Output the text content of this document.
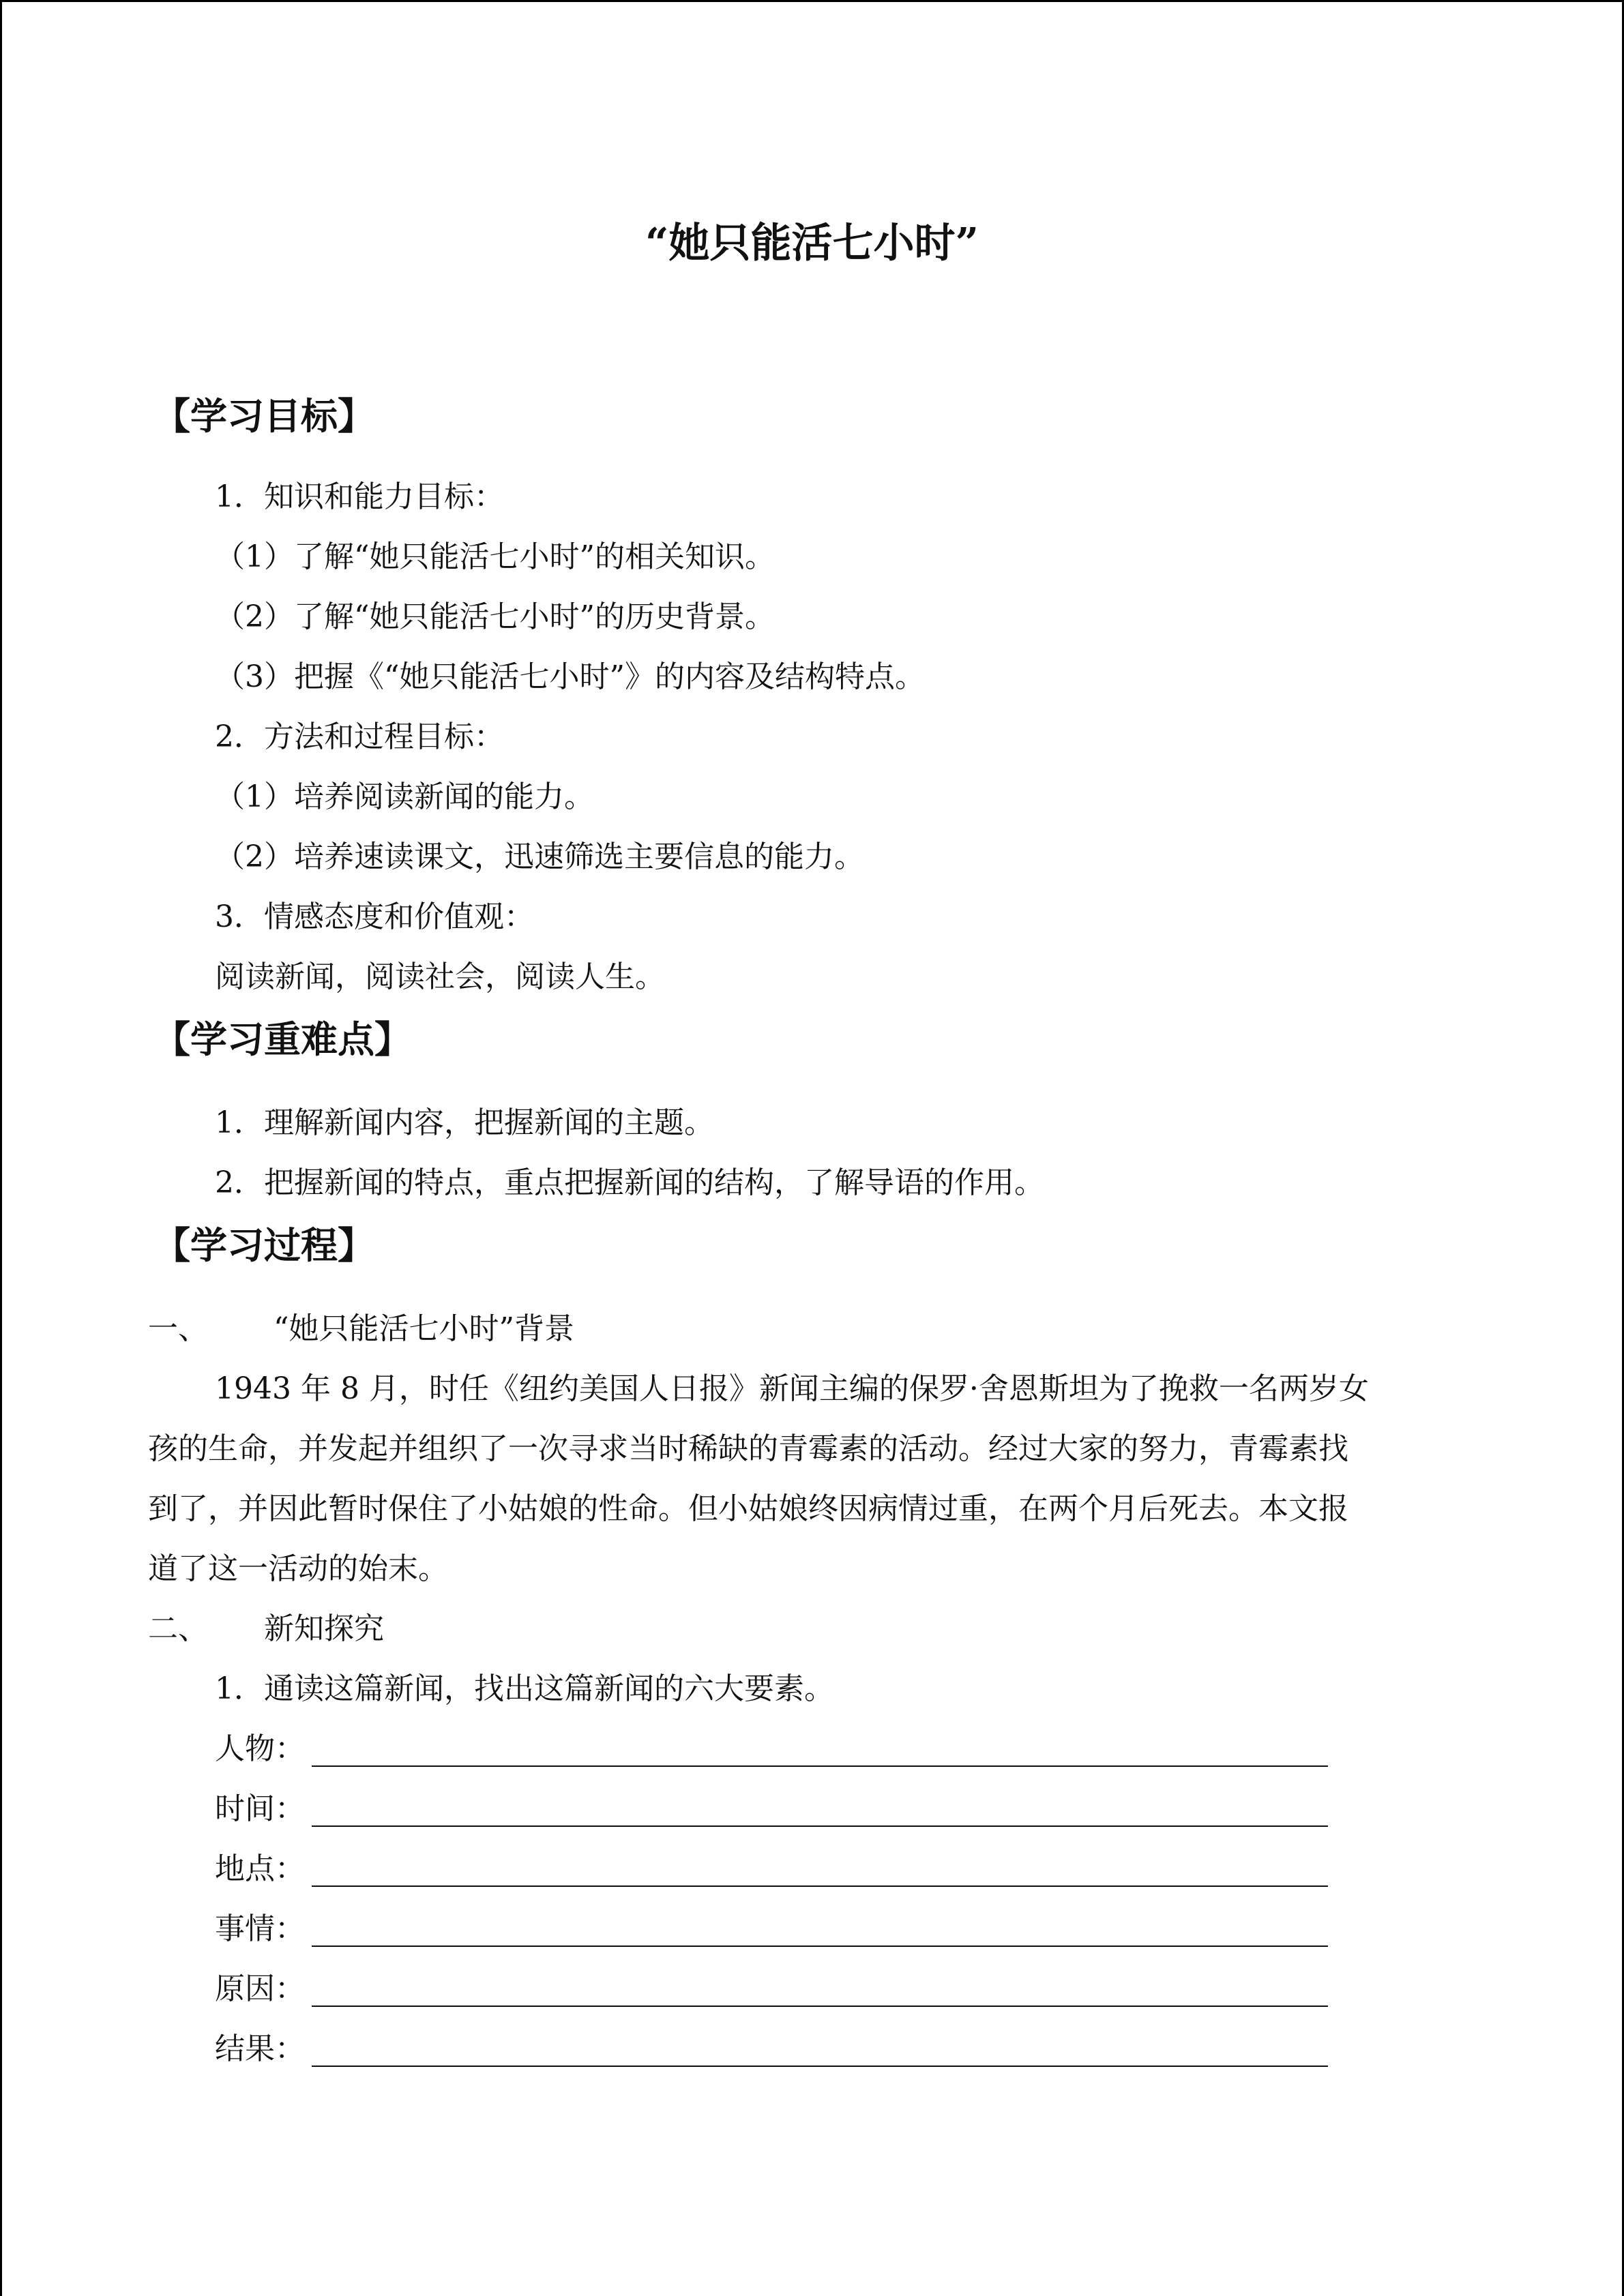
“她只能活七小时”
【学习目标】
1．知识和能力目标：
（1）了解“她只能活七小时”的相关知识。
（2）了解“她只能活七小时”的历史背景。
（3）把握《“她只能活七小时”》的内容及结构特点。
2．方法和过程目标：
（1）培养阅读新闻的能力。
（2）培养速读课文，迅速筛选主要信息的能力。
3．情感态度和价值观：
阅读新闻，阅读社会，阅读人生。
【学习重难点】
1．理解新闻内容，把握新闻的主题。
2．把握新闻的特点，重点把握新闻的结构，了解导语的作用。
【学习过程】
一、 “她只能活七小时”背景
1943 年 8 月，时任《纽约美国人日报》新闻主编的保罗·舍恩斯坦为了挽救一名两岁女
孩的生命，并发起并组织了一次寻求当时稀缺的青霉素的活动。经过大家的努力，青霉素找
到了，并因此暂时保住了小姑娘的性命。但小姑娘终因病情过重，在两个月后死去。本文报
道了这一活动的始末。
二、 新知探究
1．通读这篇新闻，找出这篇新闻的六大要素。
人物：
时间：
地点：
事情：
原因：
结果：
